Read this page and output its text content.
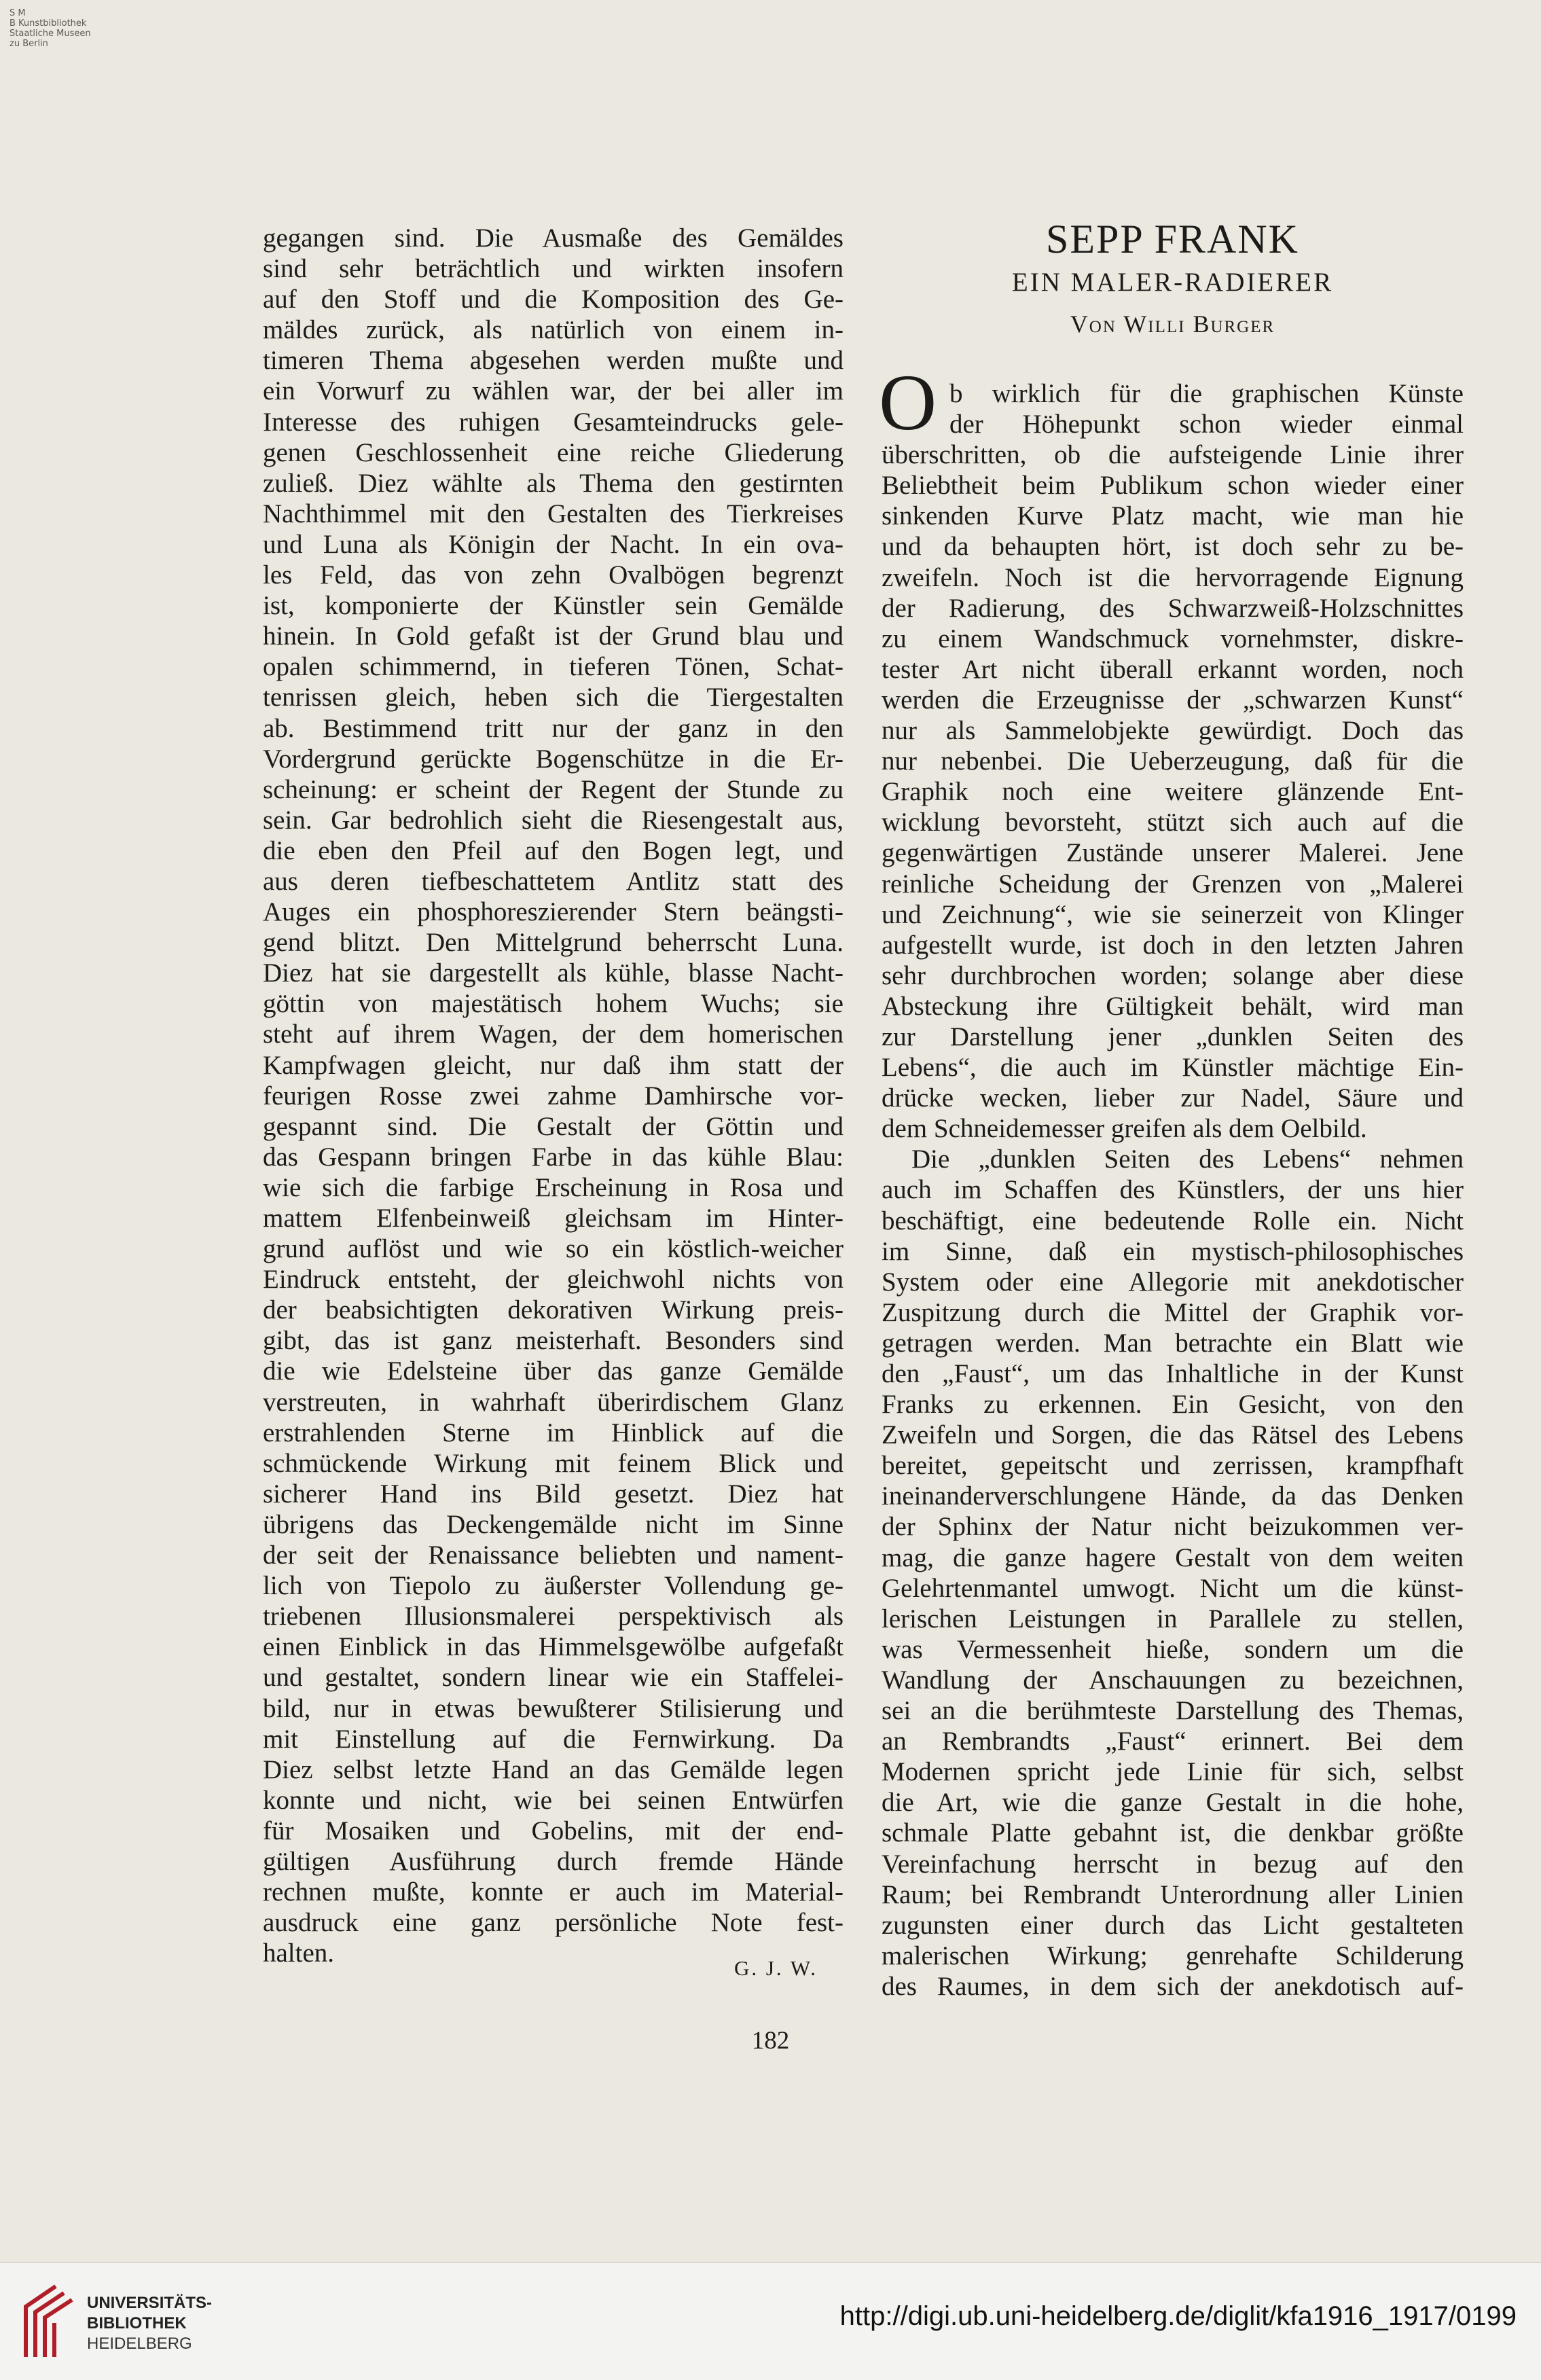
S M
B Kunstbibliothek
Staatliche Museen
zu Berlin
gegangen sind. Die Ausmaße des Gemäldes
sind sehr beträchtlich und wirkten insofern
auf den Stoff und die Komposition des Ge-
mäldes zurück, als natürlich von einem in-
timeren Thema abgesehen werden mußte und
ein Vorwurf zu wählen war, der bei aller im
Interesse des ruhigen Gesamteindrucks gele-
genen Geschlossenheit eine reiche Gliederung
zuließ. Diez wählte als Thema den gestirnten
Nachthimmel mit den Gestalten des Tierkreises
und Luna als Königin der Nacht. In ein ova-
les Feld, das von zehn Ovalbögen begrenzt
ist, komponierte der Künstler sein Gemälde
hinein. In Gold gefaßt ist der Grund blau und
opalen schimmernd, in tieferen Tönen, Schat-
tenrissen gleich, heben sich die Tiergestalten
ab. Bestimmend tritt nur der ganz in den
Vordergrund gerückte Bogenschütze in die Er-
scheinung: er scheint der Regent der Stunde zu
sein. Gar bedrohlich sieht die Riesengestalt aus,
die eben den Pfeil auf den Bogen legt, und
aus deren tiefbeschattetem Antlitz statt des
Auges ein phosphoreszierender Stern beängsti-
gend blitzt. Den Mittelgrund beherrscht Luna.
Diez hat sie dargestellt als kühle, blasse Nacht-
göttin von majestätisch hohem Wuchs; sie
steht auf ihrem Wagen, der dem homerischen
Kampfwagen gleicht, nur daß ihm statt der
feurigen Rosse zwei zahme Damhirsche vor-
gespannt sind. Die Gestalt der Göttin und
das Gespann bringen Farbe in das kühle Blau:
wie sich die farbige Erscheinung in Rosa und
mattem Elfenbeinweiß gleichsam im Hinter-
grund auflöst und wie so ein köstlich-weicher
Eindruck entsteht, der gleichwohl nichts von
der beabsichtigten dekorativen Wirkung preis-
gibt, das ist ganz meisterhaft. Besonders sind
die wie Edelsteine über das ganze Gemälde
verstreuten, in wahrhaft überirdischem Glanz
erstrahlenden Sterne im Hinblick auf die
schmückende Wirkung mit feinem Blick und
sicherer Hand ins Bild gesetzt. Diez hat
übrigens das Deckengemälde nicht im Sinne
der seit der Renaissance beliebten und nament-
lich von Tiepolo zu äußerster Vollendung ge-
triebenen Illusionsmalerei perspektivisch als
einen Einblick in das Himmelsgewölbe aufgefaßt
und gestaltet, sondern linear wie ein Staffelei-
bild, nur in etwas bewußterer Stilisierung und
mit Einstellung auf die Fernwirkung. Da
Diez selbst letzte Hand an das Gemälde legen
konnte und nicht, wie bei seinen Entwürfen
für Mosaiken und Gobelins, mit der end-
gültigen Ausführung durch fremde Hände
rechnen mußte, konnte er auch im Material-
ausdruck eine ganz persönliche Note fest-
halten.
G. J. W.
SEPP FRANK
EIN MALER-RADIERER
Von Willi Burger
O b wirklich für die graphischen Künste
der Höhepunkt schon wieder einmal
überschritten, ob die aufsteigende Linie ihrer
Beliebtheit beim Publikum schon wieder einer
sinkenden Kurve Platz macht, wie man hie
und da behaupten hört, ist doch sehr zu be-
zweifeln. Noch ist die hervorragende Eignung
der Radierung, des Schwarzweiß-Holzschnittes
zu einem Wandschmuck vornehmster, diskre-
tester Art nicht überall erkannt worden, noch
werden die Erzeugnisse der „schwarzen Kunst“
nur als Sammelobjekte gewürdigt. Doch das
nur nebenbei. Die Ueberzeugung, daß für die
Graphik noch eine weitere glänzende Ent-
wicklung bevorsteht, stützt sich auch auf die
gegenwärtigen Zustände unserer Malerei. Jene
reinliche Scheidung der Grenzen von „Malerei
und Zeichnung“, wie sie seinerzeit von Klinger
aufgestellt wurde, ist doch in den letzten Jahren
sehr durchbrochen worden; solange aber diese
Absteckung ihre Gültigkeit behält, wird man
zur Darstellung jener „dunklen Seiten des
Lebens“, die auch im Künstler mächtige Ein-
drücke wecken, lieber zur Nadel, Säure und
dem Schneidemesser greifen als dem Oelbild.
Die „dunklen Seiten des Lebens“ nehmen
auch im Schaffen des Künstlers, der uns hier
beschäftigt, eine bedeutende Rolle ein. Nicht
im Sinne, daß ein mystisch-philosophisches
System oder eine Allegorie mit anekdotischer
Zuspitzung durch die Mittel der Graphik vor-
getragen werden. Man betrachte ein Blatt wie
den „Faust“, um das Inhaltliche in der Kunst
Franks zu erkennen. Ein Gesicht, von den
Zweifeln und Sorgen, die das Rätsel des Lebens
bereitet, gepeitscht und zerrissen, krampfhaft
ineinanderverschlungene Hände, da das Denken
der Sphinx der Natur nicht beizukommen ver-
mag, die ganze hagere Gestalt von dem weiten
Gelehrtenmantel umwogt. Nicht um die künst-
lerischen Leistungen in Parallele zu stellen,
was Vermessenheit hieße, sondern um die
Wandlung der Anschauungen zu bezeichnen,
sei an die berühmteste Darstellung des Themas,
an Rembrandts „Faust“ erinnert. Bei dem
Modernen spricht jede Linie für sich, selbst
die Art, wie die ganze Gestalt in die hohe,
schmale Platte gebahnt ist, die denkbar größte
Vereinfachung herrscht in bezug auf den
Raum; bei Rembrandt Unterordnung aller Linien
zugunsten einer durch das Licht gestalteten
malerischen Wirkung; genrehafte Schilderung
des Raumes, in dem sich der anekdotisch auf-
182
UNIVERSITÄTS-
BIBLIOTHEK
HEIDELBERG
http://digi.ub.uni-heidelberg.de/diglit/kfa1916_1917/0199
